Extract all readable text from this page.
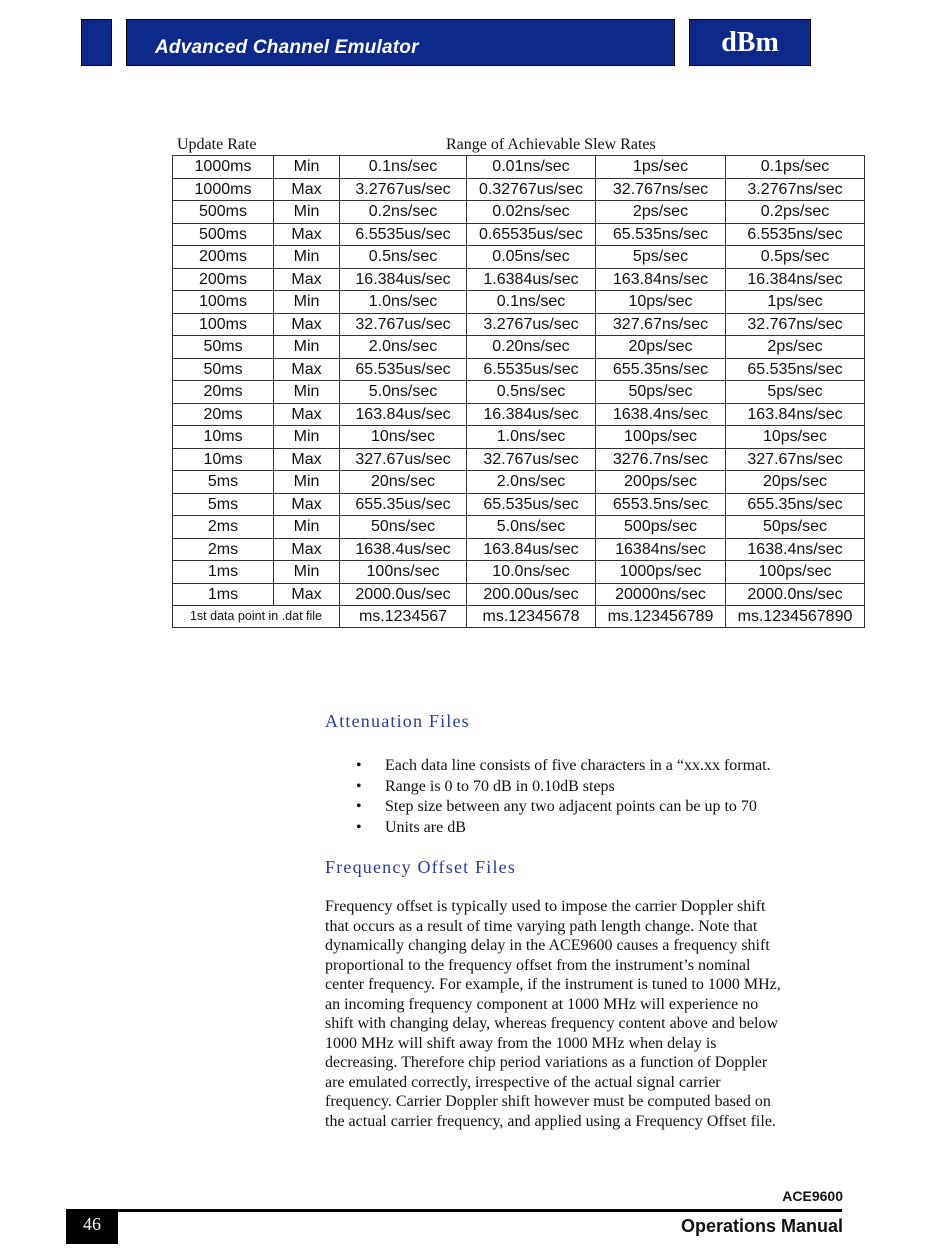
Advanced Channel Emulator	dBm
Update Rate	Range of Achievable Slew Rates
1000ms	Min	0.1ns/sec	0.01ns/sec	1ps/sec	0.1ps/sec
1000ms	Max	3.2767us/sec	0.32767us/sec	32.767ns/sec	3.2767ns/sec
500ms	Min	0.2ns/sec	0.02ns/sec	2ps/sec	0.2ps/sec
500ms	Max	6.5535us/sec	0.65535us/sec	65.535ns/sec	6.5535ns/sec
200ms	Min	0.5ns/sec	0.05ns/sec	5ps/sec	0.5ps/sec
200ms	Max	16.384us/sec	1.6384us/sec	163.84ns/sec	16.384ns/sec
100ms	Min	1.0ns/sec	0.1ns/sec	10ps/sec	1ps/sec
100ms	Max	32.767us/sec	3.2767us/sec	327.67ns/sec	32.767ns/sec
50ms	Min	2.0ns/sec	0.20ns/sec	20ps/sec	2ps/sec
50ms	Max	65.535us/sec	6.5535us/sec	655.35ns/sec	65.535ns/sec
20ms	Min	5.0ns/sec	0.5ns/sec	50ps/sec	5ps/sec
20ms	Max	163.84us/sec	16.384us/sec	1638.4ns/sec	163.84ns/sec
10ms	Min	10ns/sec	1.0ns/sec	100ps/sec	10ps/sec
10ms	Max	327.67us/sec	32.767us/sec	3276.7ns/sec	327.67ns/sec
5ms	Min	20ns/sec	2.0ns/sec	200ps/sec	20ps/sec
5ms	Max	655.35us/sec	65.535us/sec	6553.5ns/sec	655.35ns/sec
2ms	Min	50ns/sec	5.0ns/sec	500ps/sec	50ps/sec
2ms	Max	1638.4us/sec	163.84us/sec	16384ns/sec	1638.4ns/sec
1ms	Min	100ns/sec	10.0ns/sec	1000ps/sec	100ps/sec
1ms	Max	2000.0us/sec	200.00us/sec	20000ns/sec	2000.0ns/sec
1st data point in .dat file		ms.1234567	ms.12345678	ms.123456789	ms.1234567890
Attenuation Files
• Each data line consists of five characters in a “xx.xx format.
• Range is 0 to 70 dB in 0.10dB steps
• Step size between any two adjacent points can be up to 70
• Units are dB
Frequency Offset Files
Frequency offset is typically used to impose the carrier Doppler shift
that occurs as a result of time varying path length change. Note that
dynamically changing delay in the ACE9600 causes a frequency shift
proportional to the frequency offset from the instrument’s nominal
center frequency. For example, if the instrument is tuned to 1000 MHz,
an incoming frequency component at 1000 MHz will experience no
shift with changing delay, whereas frequency content above and below
1000 MHz will shift away from the 1000 MHz when delay is
decreasing. Therefore chip period variations as a function of Doppler
are emulated correctly, irrespective of the actual signal carrier
frequency. Carrier Doppler shift however must be computed based on
the actual carrier frequency, and applied using a Frequency Offset file.
ACE9600
46	Operations Manual
